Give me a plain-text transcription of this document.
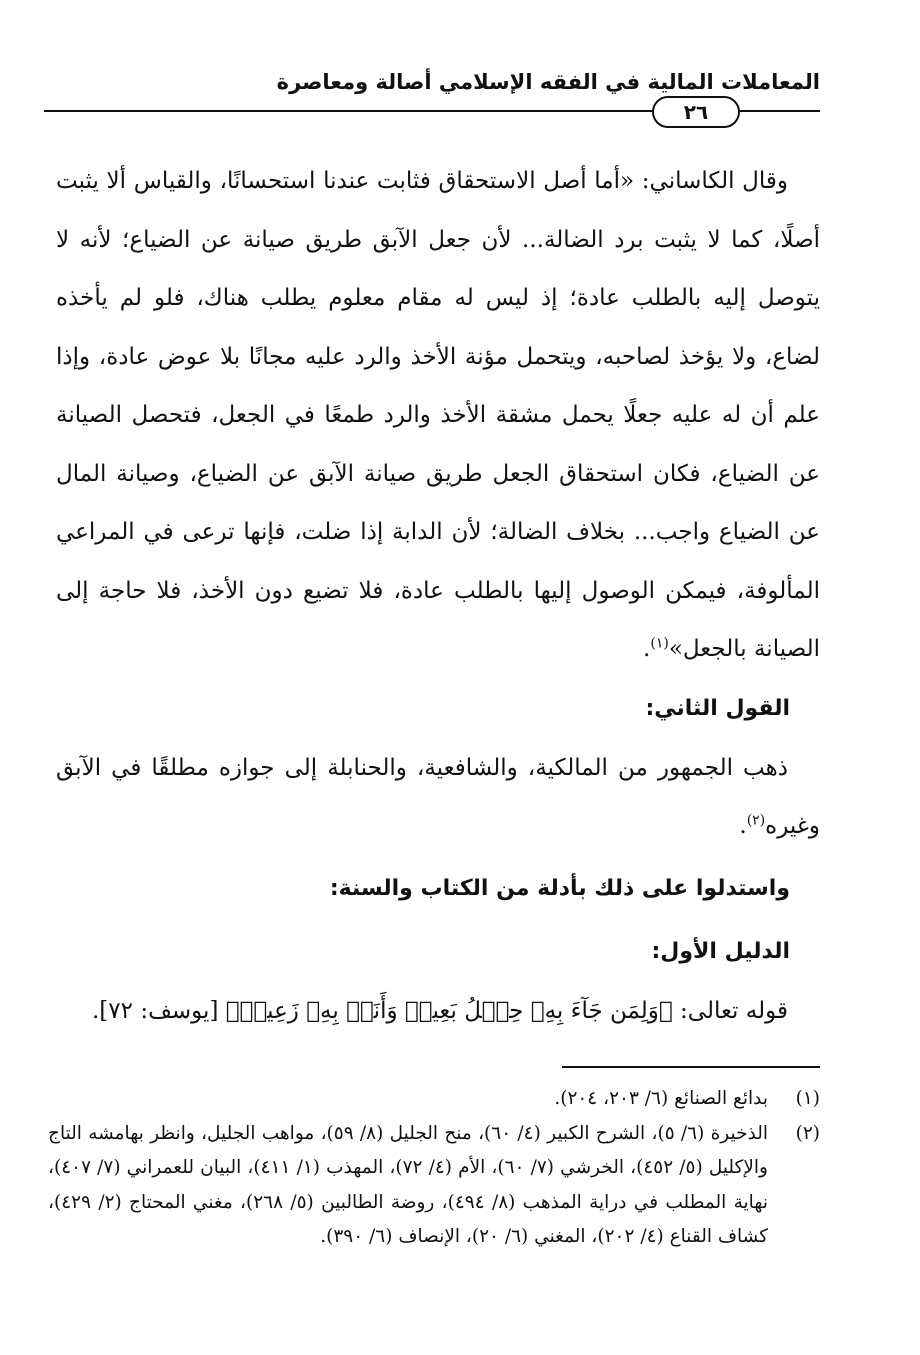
المعاملات المالية في الفقه الإسلامي أصالة ومعاصرة
٢٦

وقال الكاساني: «أما أصل الاستحقاق فثابت عندنا استحسانًا، والقياس ألا يثبت أصلًا، كما لا يثبت برد الضالة... لأن جعل الآبق طريق صيانة عن الضياع؛ لأنه لا يتوصل إليه بالطلب عادة؛ إذ ليس له مقام معلوم يطلب هناك، فلو لم يأخذه لضاع، ولا يؤخذ لصاحبه، ويتحمل مؤنة الأخذ والرد عليه مجانًا بلا عوض عادة، وإذا علم أن له عليه جعلًا يحمل مشقة الأخذ والرد طمعًا في الجعل، فتحصل الصيانة عن الضياع، فكان استحقاق الجعل طريق صيانة الآبق عن الضياع، وصيانة المال عن الضياع واجب... بخلاف الضالة؛ لأن الدابة إذا ضلت، فإنها ترعى في المراعي المألوفة، فيمكن الوصول إليها بالطلب عادة، فلا تضيع دون الأخذ، فلا حاجة إلى الصيانة بالجعل»$^{(١)}$.

القول الثاني:

ذهب الجمهور من المالكية، والشافعية، والحنابلة إلى جوازه مطلقًا في الآبق وغيره$^{(٢)}$.

واستدلوا على ذلك بأدلة من الكتاب والسنة:

الدليل الأول:

قوله تعالى: ﴿وَلِمَن جَآءَ بِهِۦ حِمۡلُ بَعِيرٖ وَأَنَا۠ بِهِۦ زَعِيمٞ﴾ [يوسف: ٧٢].

(١)
بدائع الصنائع (٦/ ٢٠٣، ٢٠٤).

(٢)
الذخيرة (٦/ ٥)، الشرح الكبير (٤/ ٦٠)، منح الجليل (٨/ ٥٩)، مواهب الجليل، وانظر بهامشه التاج والإكليل (٥/ ٤٥٢)، الخرشي (٧/ ٦٠)، الأم (٤/ ٧٢)، المهذب (١/ ٤١١)، البيان للعمراني (٧/ ٤٠٧)، نهاية المطلب في دراية المذهب (٨/ ٤٩٤)، روضة الطالبين (٥/ ٢٦٨)، مغني المحتاج (٢/ ٤٢٩)، كشاف القناع (٤/ ٢٠٢)، المغني (٦/ ٢٠)، الإنصاف (٦/ ٣٩٠).
